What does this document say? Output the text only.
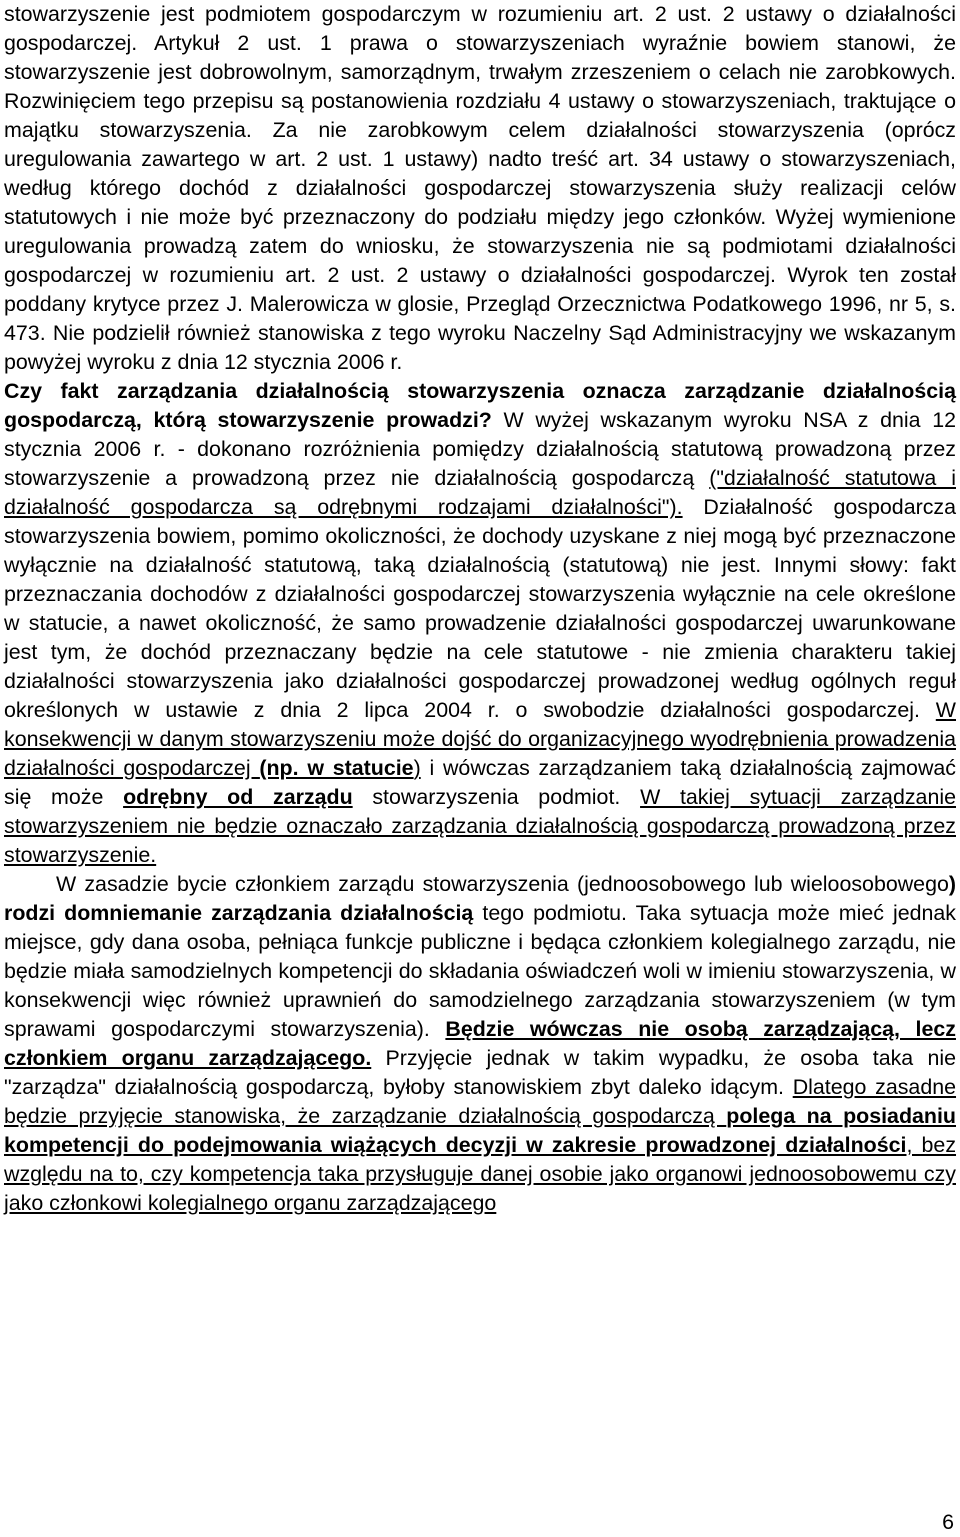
stowarzyszenie jest podmiotem gospodarczym w rozumieniu art. 2 ust. 2 ustawy o działalności gospodarczej. Artykuł 2 ust. 1 prawa o stowarzyszeniach wyraźnie bowiem stanowi, że stowarzyszenie jest dobrowolnym, samorządnym, trwałym zrzeszeniem o celach nie zarobkowych. Rozwinięciem tego przepisu są postanowienia rozdziału 4 ustawy o stowarzyszeniach, traktujące o majątku stowarzyszenia. Za nie zarobkowym celem działalności stowarzyszenia (oprócz uregulowania zawartego w art. 2 ust. 1 ustawy) nadto treść art. 34 ustawy o stowarzyszeniach, według którego dochód z działalności gospodarczej stowarzyszenia służy realizacji celów statutowych i nie może być przeznaczony do podziału między jego członków. Wyżej wymienione uregulowania prowadzą zatem do wniosku, że stowarzyszenia nie są podmiotami działalności gospodarczej w rozumieniu art. 2 ust. 2 ustawy o działalności gospodarczej. Wyrok ten został poddany krytyce przez J. Malerowicza w glosie, Przegląd Orzecznictwa Podatkowego 1996, nr 5, s. 473. Nie podzielił również stanowiska z tego wyroku Naczelny Sąd Administracyjny we wskazanym powyżej wyroku z dnia 12 stycznia 2006 r.

Czy fakt zarządzania działalnością stowarzyszenia oznacza zarządzanie działalnością gospodarczą, którą stowarzyszenie prowadzi? W wyżej wskazanym wyroku NSA z dnia 12 stycznia 2006 r. - dokonano rozróżnienia pomiędzy działalnością statutową prowadzoną przez stowarzyszenie a prowadzoną przez nie działalnością gospodarczą ("działalność statutowa i działalność gospodarcza są odrębnymi rodzajami działalności"). Działalność gospodarcza stowarzyszenia bowiem, pomimo okoliczności, że dochody uzyskane z niej mogą być przeznaczone wyłącznie na działalność statutową, taką działalnością (statutową) nie jest. Innymi słowy: fakt przeznaczania dochodów z działalności gospodarczej stowarzyszenia wyłącznie na cele określone w statucie, a nawet okoliczność, że samo prowadzenie działalności gospodarczej uwarunkowane jest tym, że dochód przeznaczany będzie na cele statutowe - nie zmienia charakteru takiej działalności stowarzyszenia jako działalności gospodarczej prowadzonej według ogólnych reguł określonych w ustawie z dnia 2 lipca 2004 r. o swobodzie działalności gospodarczej. W konsekwencji w danym stowarzyszeniu może dojść do organizacyjnego wyodrębnienia prowadzenia działalności gospodarczej (np. w statucie) i wówczas zarządzaniem taką działalnością zajmować się może odrębny od zarządu stowarzyszenia podmiot. W takiej sytuacji zarządzanie stowarzyszeniem nie będzie oznaczało zarządzania działalnością gospodarczą prowadzoną przez stowarzyszenie.

W zasadzie bycie członkiem zarządu stowarzyszenia (jednoosobowego lub wieloosobowego) rodzi domniemanie zarządzania działalnością tego podmiotu. Taka sytuacja może mieć jednak miejsce, gdy dana osoba, pełniąca funkcje publiczne i będąca członkiem kolegialnego zarządu, nie będzie miała samodzielnych kompetencji do składania oświadczeń woli w imieniu stowarzyszenia, w konsekwencji więc również uprawnień do samodzielnego zarządzania stowarzyszeniem (w tym sprawami gospodarczymi stowarzyszenia). Będzie wówczas nie osobą zarządzającą, lecz członkiem organu zarządzającego. Przyjęcie jednak w takim wypadku, że osoba taka nie "zarządza" działalnością gospodarczą, byłoby stanowiskiem zbyt daleko idącym. Dlatego zasadne będzie przyjęcie stanowiska, że zarządzanie działalnością gospodarczą polega na posiadaniu kompetencji do podejmowania wiążących decyzji w zakresie prowadzonej działalności, bez względu na to, czy kompetencja taka przysługuje danej osobie jako organowi jednoosobowemu czy jako członkowi kolegialnego organu zarządzającego

6
